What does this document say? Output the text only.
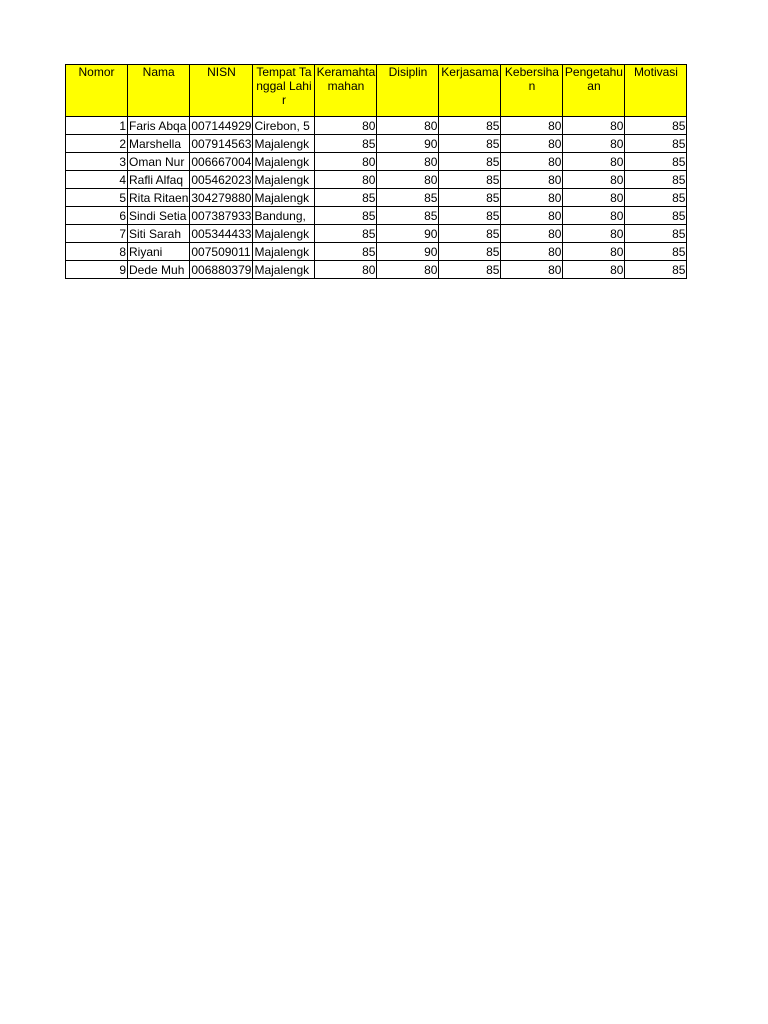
Nomor	Nama	NISN	Tempat Tanggal Lahir	Keramahtamahan	Disiplin	Kerjasama	Kebersihan	Pengetahuan	Motivasi
1	Faris Abqa	007144929	Cirebon, 5	80	80	85	80	80	85
2	Marshella	007914563	Majalengk	85	90	85	80	80	85
3	Oman Nur	006667004	Majalengk	80	80	85	80	80	85
4	Rafli Alfaq	005462023	Majalengk	80	80	85	80	80	85
5	Rita Ritaen	304279880	Majalengk	85	85	85	80	80	85
6	Sindi Setia	007387933	Bandung,	85	85	85	80	80	85
7	Siti Sarah	005344433	Majalengk	85	90	85	80	80	85
8	Riyani	007509011	Majalengk	85	90	85	80	80	85
9	Dede Muh	006880379	Majalengk	80	80	85	80	80	85
